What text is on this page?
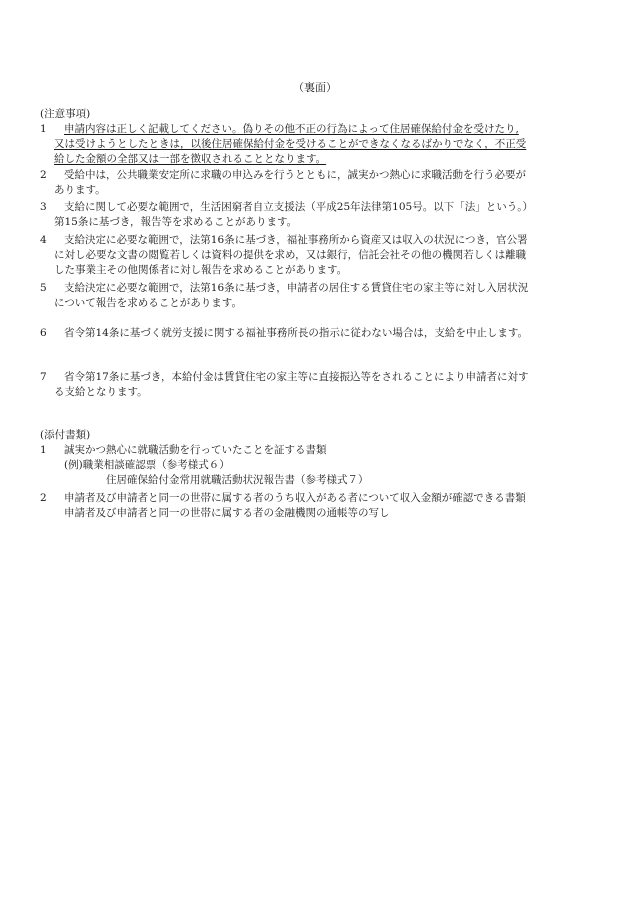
（裏面）
(注意事項)
1	申請内容は正しく記載してください。偽りその他不正の行為によって住居確保給付金を受けたり,
又は受けようとしたときは，以後住居確保給付金を受けることができなくなるばかりでなく，不正受
給した金額の全部又は一部を徴収されることとなります。
2	受給中は，公共職業安定所に求職の申込みを行うとともに，誠実かつ熱心に求職活動を行う必要が
あります。
3	支給に関して必要な範囲で，生活困窮者自立支援法（平成25年法律第105号。以下「法」という。）
第15条に基づき，報告等を求めることがあります。
4	支給決定に必要な範囲で，法第16条に基づき，福祉事務所から資産又は収入の状況につき，官公署
に対し必要な文書の閲覧若しくは資料の提供を求め，又は銀行，信託会社その他の機関若しくは離職
した事業主その他関係者に対し報告を求めることがあります。
5	支給決定に必要な範囲で，法第16条に基づき，申請者の居住する賃貸住宅の家主等に対し入居状況
について報告を求めることがあります。
6	省令第14条に基づく就労支援に関する福祉事務所長の指示に従わない場合は，支給を中止します。
7	省令第17条に基づき，本給付金は賃貸住宅の家主等に直接振込等をされることにより申請者に対す
る支給となります。
(添付書類)
1	誠実かつ熱心に就職活動を行っていたことを証する書類
(例)職業相談確認票（参考様式６）
住居確保給付金常用就職活動状況報告書（参考様式７）
2	申請者及び申請者と同一の世帯に属する者のうち収入がある者について収入金額が確認できる書類
申請者及び申請者と同一の世帯に属する者の金融機関の通帳等の写し
